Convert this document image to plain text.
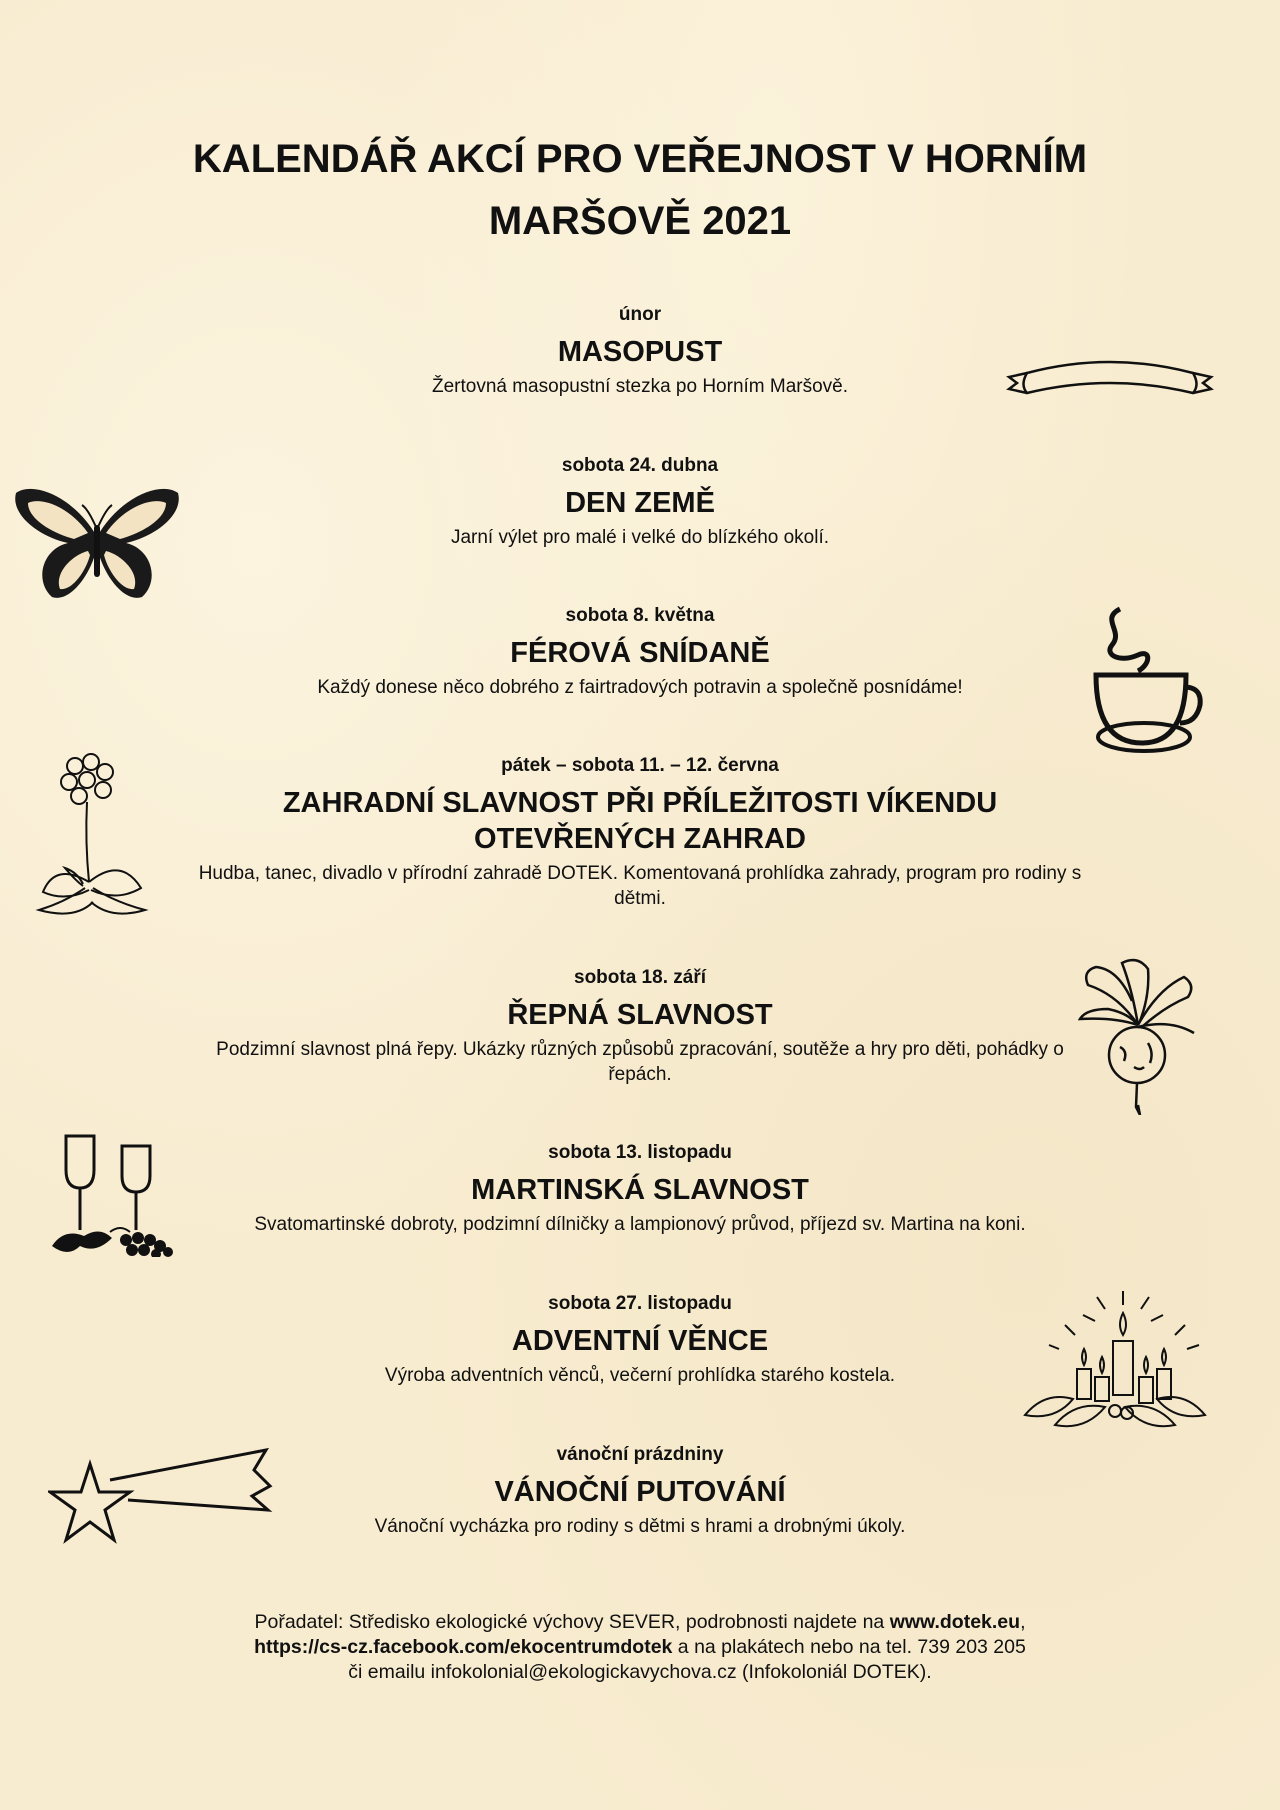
KALENDÁŘ AKCÍ PRO VEŘEJNOST V HORNÍM MARŠOVĚ 2021
únor
MASOPUST
Žertovná masopustní stezka po Horním Maršově.
sobota 24. dubna
DEN ZEMĚ
Jarní výlet pro malé i velké do blízkého okolí.
sobota 8. května
FÉROVÁ SNÍDANĚ
Každý donese něco dobrého z fairtradových potravin a společně posnídáme!
pátek – sobota 11. – 12. června
ZAHRADNÍ SLAVNOST PŘI PŘÍLEŽITOSTI VÍKENDU OTEVŘENÝCH ZAHRAD
Hudba, tanec, divadlo v přírodní zahradě DOTEK. Komentovaná prohlídka zahrady, program pro rodiny s dětmi.
sobota 18. září
ŘEPNÁ SLAVNOST
Podzimní slavnost plná řepy. Ukázky různých způsobů zpracování, soutěže a hry pro děti, pohádky o řepách.
sobota 13. listopadu
MARTINSKÁ SLAVNOST
Svatomartinské dobroty, podzimní dílničky a lampionový průvod, příjezd sv. Martina na koni.
sobota 27. listopadu
ADVENTNÍ VĚNCE
Výroba adventních věnců, večerní prohlídka starého kostela.
vánoční prázdniny
VÁNOČNÍ PUTOVÁNÍ
Vánoční vycházka pro rodiny s dětmi s hrami a drobnými úkoly.
Pořadatel: Středisko ekologické výchovy SEVER, podrobnosti najdete na www.dotek.eu,
https://cs-cz.facebook.com/ekocentrumdotek a na plakátech nebo na tel. 739 203 205
či emailu infokolonial@ekologickavychova.cz (Infokoloniál DOTEK).
